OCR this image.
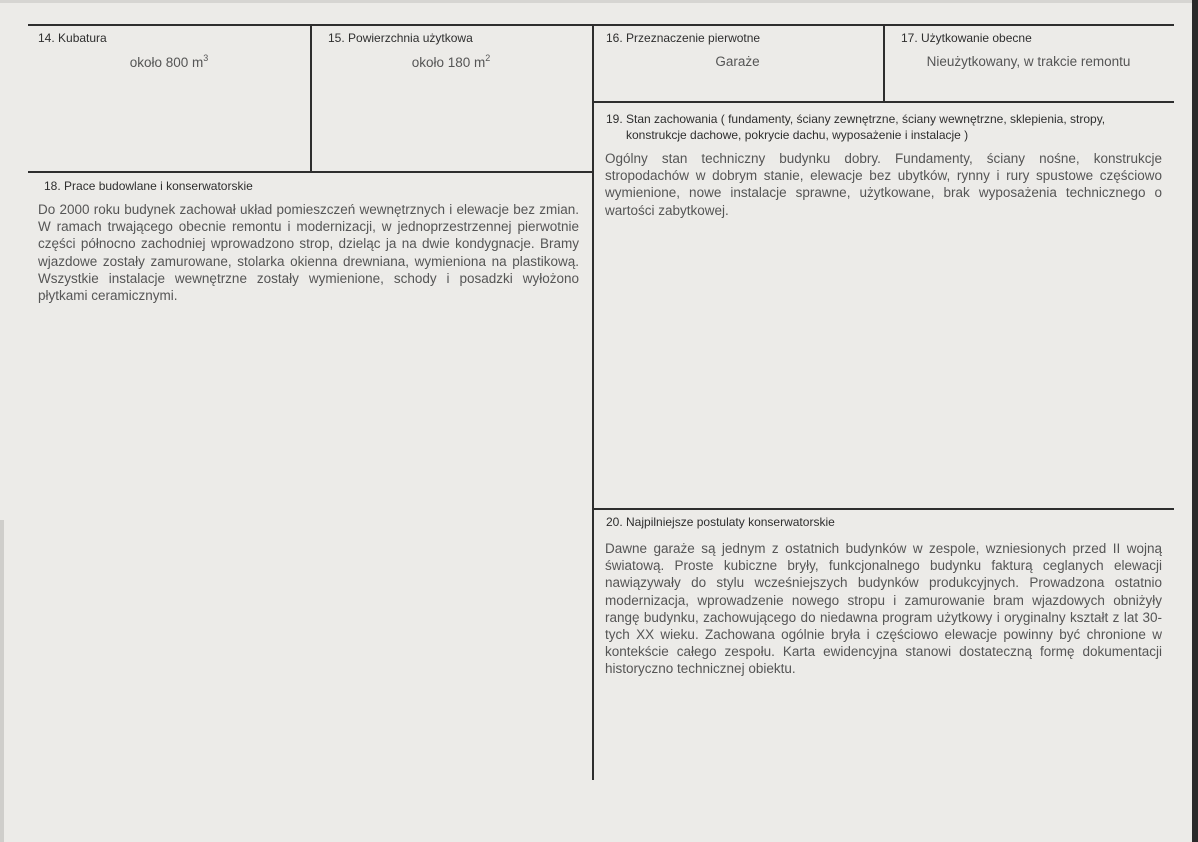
14. Kubatura
około 800 $m^3$
15. Powierzchnia użytkowa
około 180 $m^2$
16. Przeznaczenie pierwotne
Garaże
17. Użytkowanie obecne
Nieużytkowany, w trakcie remontu
19. Stan zachowania ( fundamenty, ściany zewnętrzne, ściany wewnętrzne, sklepienia, stropy,
konstrukcje dachowe, pokrycie dachu, wyposażenie i instalacje )
Ogólny stan techniczny budynku dobry. Fundamenty, ściany nośne, konstrukcje stropodachów w dobrym stanie, elewacje bez ubytków, rynny i rury spustowe częściowo wymienione, nowe instalacje sprawne, użytkowane, brak wyposażenia technicznego o wartości zabytkowej.
18. Prace budowlane i konserwatorskie
Do 2000 roku budynek zachował układ pomieszczeń wewnętrznych i elewacje bez zmian. W ramach trwającego obecnie remontu i modernizacji, w jednoprzestrzennej pierwotnie części północno zachodniej wprowadzono strop, dzieląc ja na dwie kondygnacje. Bramy wjazdowe zostały zamurowane, stolarka okienna drewniana, wymieniona na plastikową. Wszystkie instalacje wewnętrzne zostały wymienione, schody i posadzki wyłożono płytkami ceramicznymi.
20. Najpilniejsze postulaty konserwatorskie
Dawne garaże są jednym z ostatnich budynków w zespole, wzniesionych przed II wojną światową. Proste kubiczne bryły, funkcjonalnego budynku fakturą ceglanych elewacji nawiązywały do stylu wcześniejszych budynków produkcyjnych. Prowadzona ostatnio modernizacja, wprowadzenie nowego stropu i zamurowanie bram wjazdowych obniżyły rangę budynku, zachowującego do niedawna program użytkowy i oryginalny kształt z lat 30-tych XX wieku. Zachowana ogólnie bryła i częściowo elewacje powinny być chronione w kontekście całego zespołu. Karta ewidencyjna stanowi dostateczną formę dokumentacji historyczno technicznej obiektu.
